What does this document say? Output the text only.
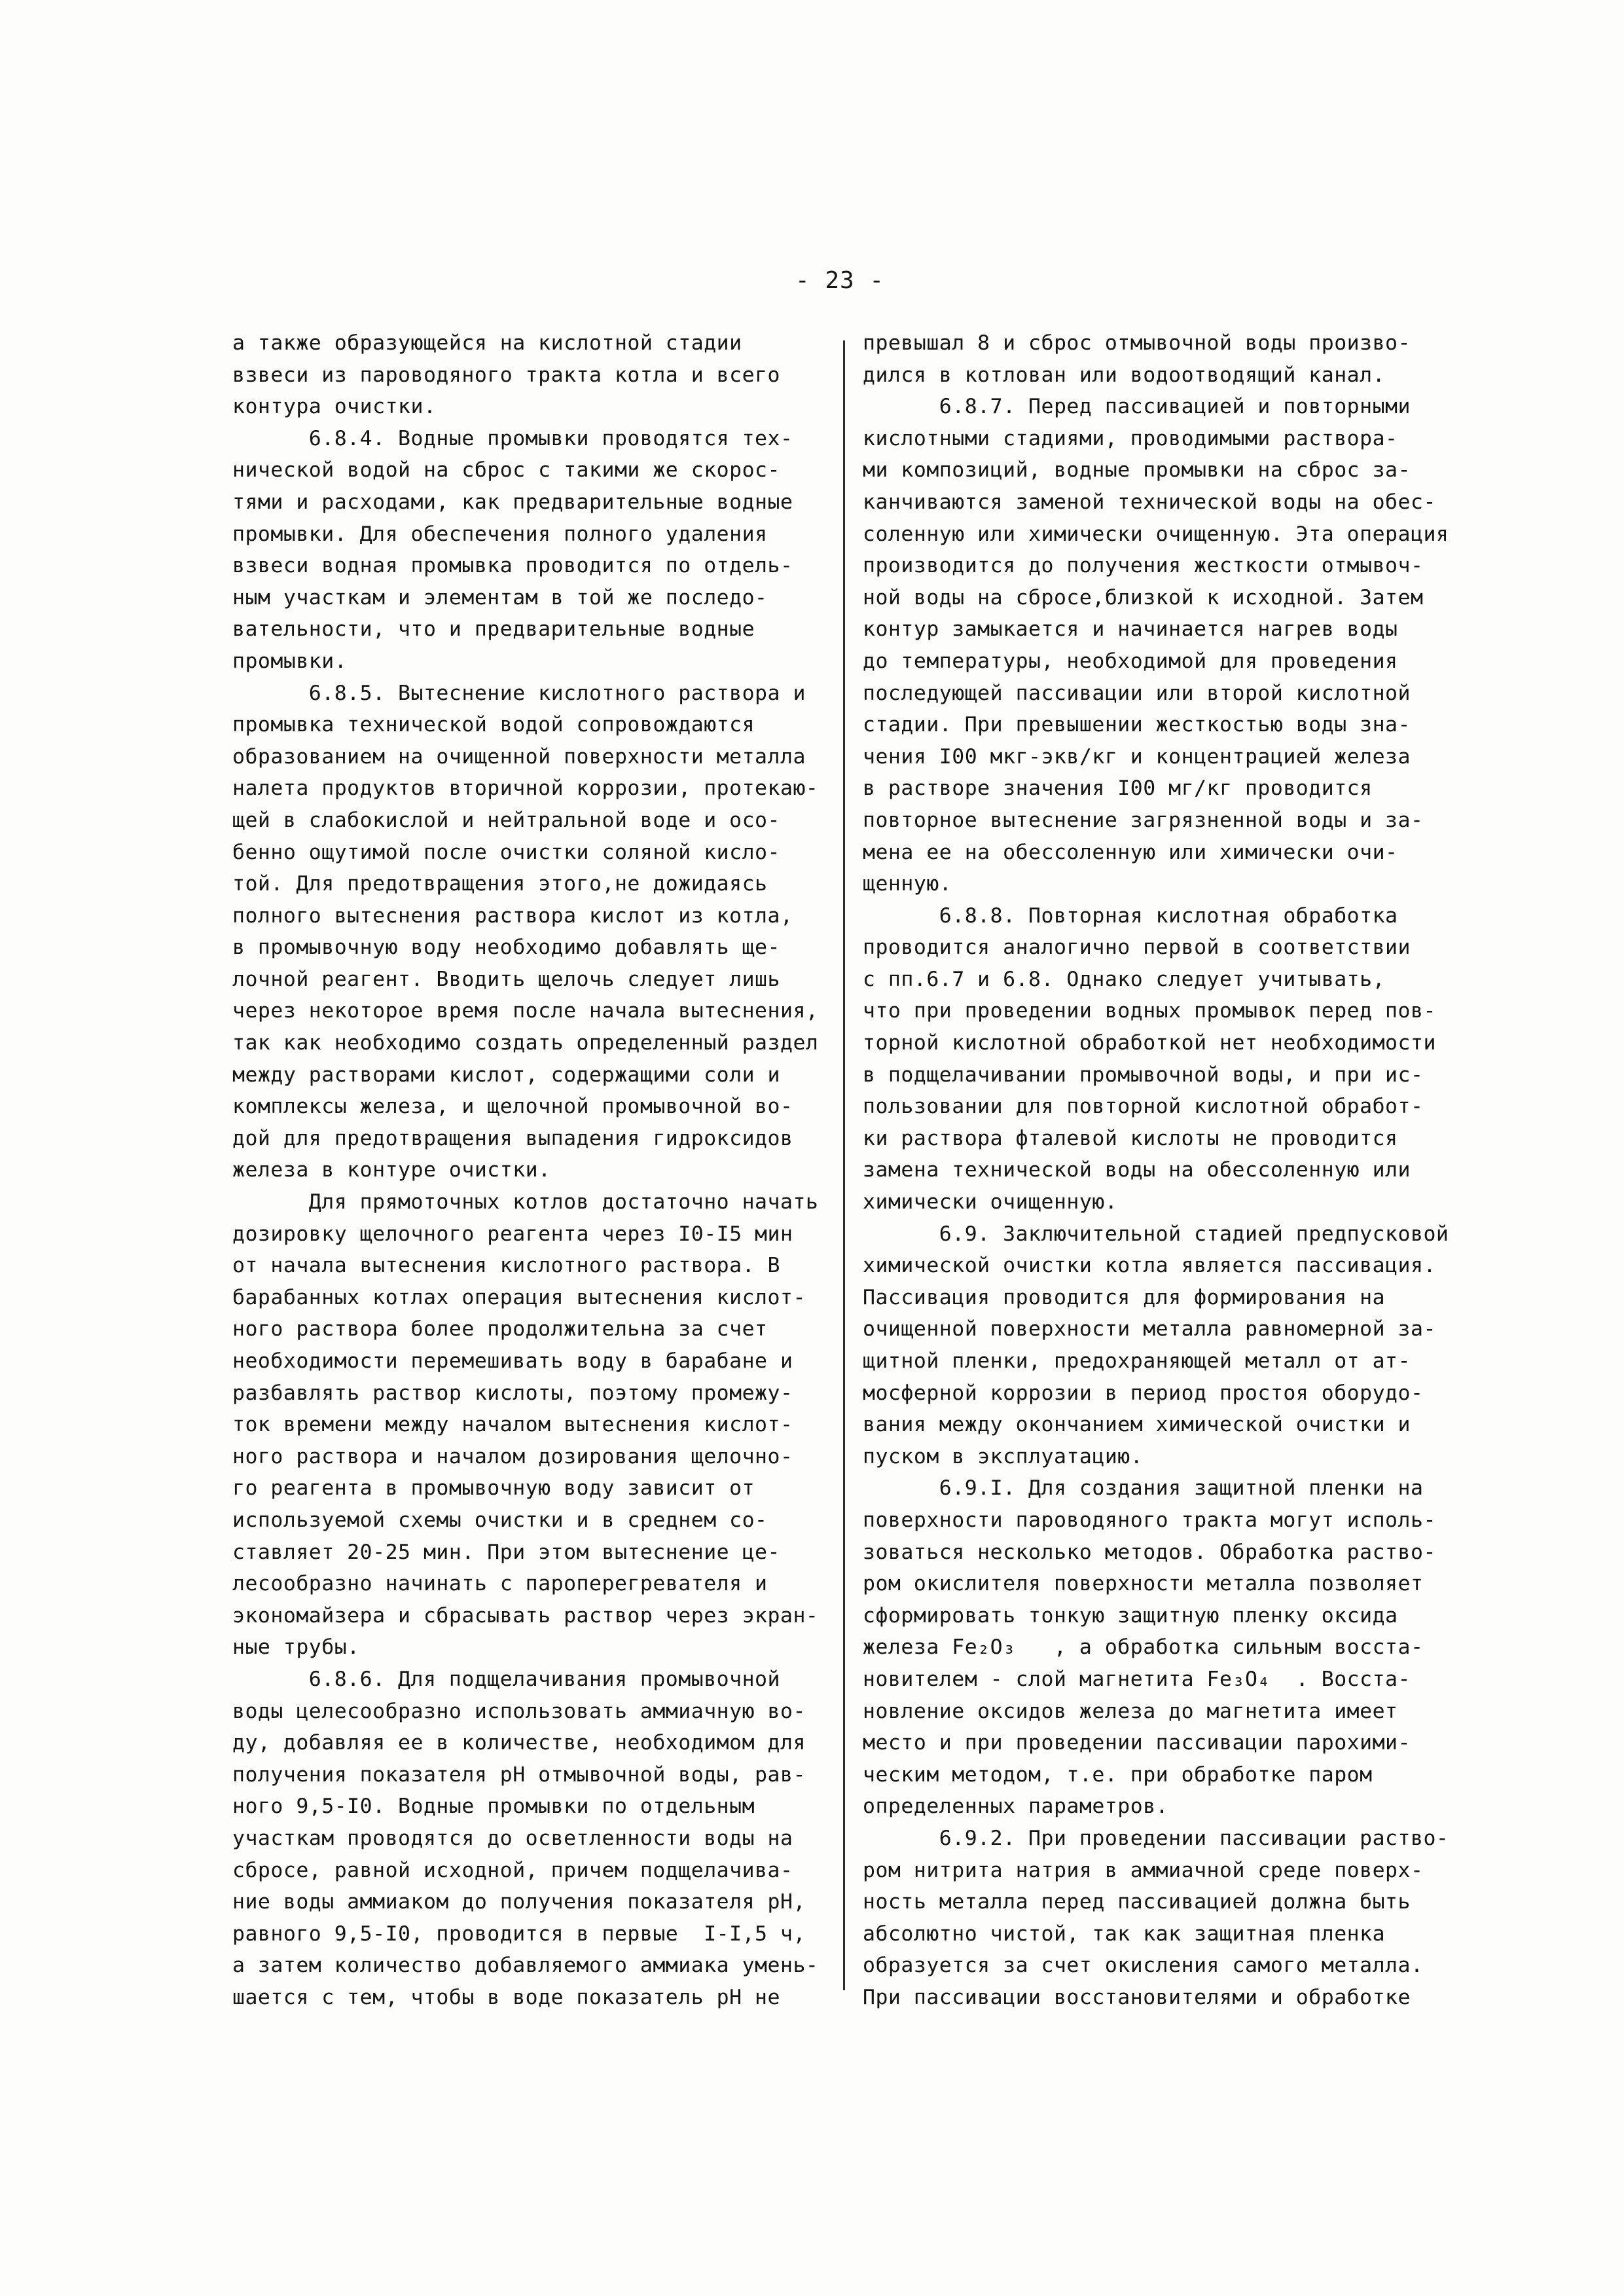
- 23 -
а также образующейся на кислотной стадии
взвеси из пароводяного тракта котла и всего
контура очистки.
6.8.4. Водные промывки проводятся тех-
нической водой на сброс с такими же скорос-
тями и расходами, как предварительные водные
промывки. Для обеспечения полного удаления
взвеси водная промывка проводится по отдель-
ным участкам и элементам в той же последо-
вательности, что и предварительные водные
промывки.
6.8.5. Вытеснение кислотного раствора и
промывка технической водой сопровождаются
образованием на очищенной поверхности металла
налета продуктов вторичной коррозии, протекаю-
щей в слабокислой и нейтральной воде и осо-
бенно ощутимой после очистки соляной кисло-
той. Для предотвращения этого,не дожидаясь
полного вытеснения раствора кислот из котла,
в промывочную воду необходимо добавлять ще-
лочной реагент. Вводить щелочь следует лишь
через некоторое время после начала вытеснения,
так как необходимо создать определенный раздел
между растворами кислот, содержащими соли и
комплексы железа, и щелочной промывочной во-
дой для предотвращения выпадения гидроксидов
железа в контуре очистки.
Для прямоточных котлов достаточно начать
дозировку щелочного реагента через I0-I5 мин
от начала вытеснения кислотного раствора. В
барабанных котлах операция вытеснения кислот-
ного раствора более продолжительна за счет
необходимости перемешивать воду в барабане и
разбавлять раствор кислоты, поэтому промежу-
ток времени между началом вытеснения кислот-
ного раствора и началом дозирования щелочно-
го реагента в промывочную воду зависит от
используемой схемы очистки и в среднем со-
ставляет 20-25 мин. При этом вытеснение це-
лесообразно начинать с пароперегревателя и
экономайзера и сбрасывать раствор через экран-
ные трубы.
6.8.6. Для подщелачивания промывочной
воды целесообразно использовать аммиачную во-
ду, добавляя ее в количестве, необходимом для
получения показателя pH отмывочной воды, рав-
ного 9,5-I0. Водные промывки по отдельным
участкам проводятся до осветленности воды на
сбросе, равной исходной, причем подщелачива-
ние воды аммиаком до получения показателя pH,
равного 9,5-I0, проводится в первые  I-I,5 ч,
а затем количество добавляемого аммиака умень-
шается с тем, чтобы в воде показатель pH не
превышал 8 и сброс отмывочной воды произво-
дился в котлован или водоотводящий канал.
6.8.7. Перед пассивацией и повторными
кислотными стадиями, проводимыми раствора-
ми композиций, водные промывки на сброс за-
канчиваются заменой технической воды на обес-
соленную или химически очищенную. Эта операция
производится до получения жесткости отмывоч-
ной воды на сбросе,близкой к исходной. Затем
контур замыкается и начинается нагрев воды
до температуры, необходимой для проведения
последующей пассивации или второй кислотной
стадии. При превышении жесткостью воды зна-
чения I00 мкг-экв/кг и концентрацией железа
в растворе значения I00 мг/кг проводится
повторное вытеснение загрязненной воды и за-
мена ее на обессоленную или химически очи-
щенную.
6.8.8. Повторная кислотная обработка
проводится аналогично первой в соответствии
с пп.6.7 и 6.8. Однако следует учитывать,
что при проведении водных промывок перед пов-
торной кислотной обработкой нет необходимости
в подщелачивании промывочной воды, и при ис-
пользовании для повторной кислотной обработ-
ки раствора фталевой кислоты не проводится
замена технической воды на обессоленную или
химически очищенную.
6.9. Заключительной стадией предпусковой
химической очистки котла является пассивация.
Пассивация проводится для формирования на
очищенной поверхности металла равномерной за-
щитной пленки, предохраняющей металл от ат-
мосферной коррозии в период простоя оборудо-
вания между окончанием химической очистки и
пуском в эксплуатацию.
6.9.I. Для создания защитной пленки на
поверхности пароводяного тракта могут исполь-
зоваться несколько методов. Обработка раство-
ром окислителя поверхности металла позволяет
сформировать тонкую защитную пленку оксида
железа Fe₂O₃   , а обработка сильным восста-
новителем - слой магнетита Fe₃O₄  . Восста-
новление оксидов железа до магнетита имеет
место и при проведении пассивации парохими-
ческим методом, т.е. при обработке паром
определенных параметров.
6.9.2. При проведении пассивации раство-
ром нитрита натрия в аммиачной среде поверх-
ность металла перед пассивацией должна быть
абсолютно чистой, так как защитная пленка
образуется за счет окисления самого металла.
При пассивации восстановителями и обработке
